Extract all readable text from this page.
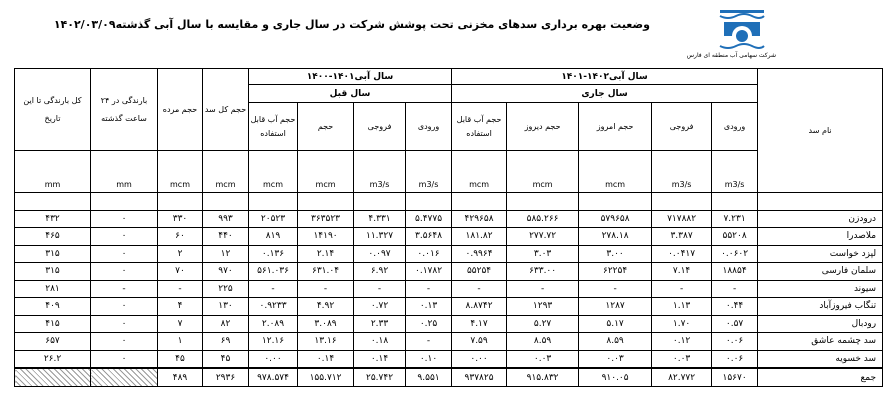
وضعیت بهره برداری سدهای مخزنی تحت پوشش شرکت در سال جاری و مقایسه با سال آبی گذشته۱۴۰۲/۰۳/۰۹
شرکت سهامی آب منطقه ای فارس
نام سد	سال آبی۱۴۰۲-۱۴۰۱					سال آبی۱۴۰۱-۱۴۰۰				حجم کل سد	حجم مرده	بارندگی در ۲۴ ساعت گذشته	کل بارندگی تا این تاریخ
	سال جاری					سال قبل							
	ورودی	فروجی	حجم امروز	حجم دیروز	حجم آب قابل استفاده	ورودی	فروجی	حجم	حجم آب قابل استفاده				
	m3/s	m3/s	mcm	mcm	mcm	m3/s	m3/s	mcm	mcm	mcm	mcm	mm	mm

درودزن	۷.۲۳۱	۷۱۷۸۸۲	۵۷۹۶۵۸	۵۸۵.۲۶۶	۴۲۹۶۵۸	۵.۴۷۷۵	۴.۳۳۱	۳۶۳۵۲۳	۲۰۵۲۳	۹۹۳	۳۳۰	۰	۴۳۲
ملاصدرا	۵۵۲۰۸	۳.۳۸۷	۲۷۸.۱۸	۲۷۷.۷۲	۱۸۱.۸۲	۳.۵۶۴۸	۱۱.۳۲۷	۱۴۱۹۰	۸۱۹	۴۴۰	۶۰	۰	۴۶۵
لپزد خواست	۰.۰۶۰۲	۰.۰۴۱۷	۳.۰۰	۳.۰۳	۰.۹۹۶۴	۰.۰۱۶	۰.۰۹۷	۲.۱۴	۰.۱۳۶	۱۲	۲	۰	۳۱۵
سلمان فارسی	۱۸۸۵۴	۷.۱۴	۶۲۲۵۴	۶۳۳.۰۰	۵۵۲۵۴	۰.۱۷۸۲	۶.۹۲	۶۳۱.۰۴	۵۶۱.۰۳۶	۹۷۰	۷۰	۰	۳۱۵
سیوند	-	-	-	-	-	-	-	-	-	۲۲۵	-	-	۲۸۱
تنگاب فیروزآباد	۰.۴۴	۱.۱۳	۱۲۸۷	۱۲۹۳	۸.۸۷۴۲	۰.۱۳	۰.۷۲	۴.۹۲	۰.۹۲۳۳	۱۳۰	۴	۰	۴۰۹
رودبال	۰.۵۷	۱.۷۰	۵.۱۷	۵.۲۷	۴.۱۷	۰.۲۵	۲.۳۳	۳.۰۸۹	۲.۰۸۹	۸۲	۷	۰	۴۱۵
سد چشمه عاشق	۰.۰۶	۰.۱۲	۸.۵۹	۸.۵۹	۷.۵۹	-	۰.۱۸	۱۳.۱۶	۱۲.۱۶	۶۹	۱	۰	۶۵۷
سد خسویه	۰.۰۶	۰.۰۳	۰.۰۳	۰.۰۳	۰.۰۰	۰.۱۰	۰.۱۴	۰.۱۴	۰.۰۰	۴۵	۴۵	۰	۲۶.۲
جمع	۱۵۶۷۰	۸۲.۷۷۲	۹۱۰.۰۵	۹۱۵.۸۳۲	۹۳۷۸۲۵	۹.۵۵۱	۲۵.۷۴۲	۱۵۵.۷۱۲	۹۷۸.۵۷۴	۲۹۳۶	۴۸۹		
